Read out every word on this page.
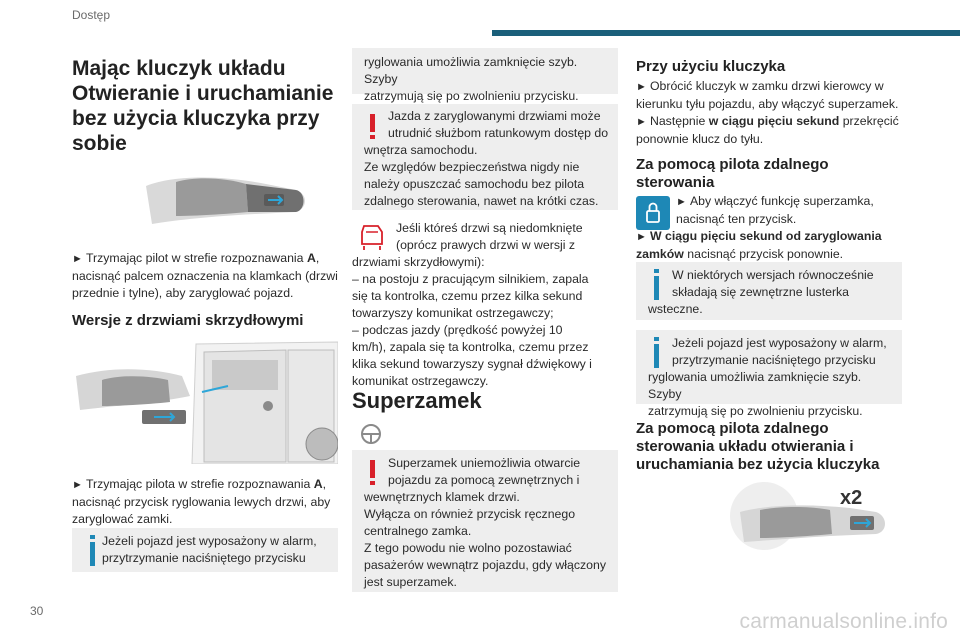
Dostęp
30	carmanualsonline.info
Mając kluczyk układu
Otwieranie i uruchamianie
bez użycia kluczyka przy
sobie
► Trzymając pilot w strefie rozpoznawania A,
nacisnąć palcem oznaczenia na klamkach (drzwi
przednie i tylne), aby zaryglować pojazd.
Wersje z drzwiami skrzydłowymi
► Trzymając pilota w strefie rozpoznawania A,
nacisnąć przycisk ryglowania lewych drzwi, aby
zaryglować zamki.
Jeżeli pojazd jest wyposażony w alarm,
przytrzymanie naciśniętego przycisku
ryglowania umożliwia zamknięcie szyb. Szyby
zatrzymują się po zwolnieniu przycisku.
Jazda z zaryglowanymi drzwiami może
utrudnić służbom ratunkowym dostęp do
wnętrza samochodu.
Ze względów bezpieczeństwa nigdy nie
należy opuszczać samochodu bez pilota
zdalnego sterowania, nawet na krótki czas.
Jeśli któreś drzwi są niedomknięte
(oprócz prawych drzwi w wersji z
drzwiami skrzydłowymi):
– na postoju z pracującym silnikiem, zapala
się ta kontrolka, czemu przez kilka sekund
towarzyszy komunikat ostrzegawczy;
– podczas jazdy (prędkość powyżej 10
km/h), zapala się ta kontrolka, czemu przez
klika sekund towarzyszy sygnał dźwiękowy i
komunikat ostrzegawczy.
Superzamek
Superzamek uniemożliwia otwarcie
pojazdu za pomocą zewnętrznych i
wewnętrznych klamek drzwi.
Wyłącza on również przycisk ręcznego
centralnego zamka.
Z tego powodu nie wolno pozostawiać
pasażerów wewnątrz pojazdu, gdy włączony
jest superzamek.
Przy użyciu kluczyka
► Obrócić kluczyk w zamku drzwi kierowcy w
kierunku tyłu pojazdu, aby włączyć superzamek.
► Następnie w ciągu pięciu sekund przekręcić
ponownie klucz do tyłu.
Za pomocą pilota zdalnego
sterowania
► Aby włączyć funkcję superzamka,
nacisnąć ten przycisk.
► W ciągu pięciu sekund od zaryglowania
zamków nacisnąć przycisk ponownie.
W niektórych wersjach równocześnie
składają się zewnętrzne lusterka
wsteczne.
Jeżeli pojazd jest wyposażony w alarm,
przytrzymanie naciśniętego przycisku
ryglowania umożliwia zamknięcie szyb. Szyby
zatrzymują się po zwolnieniu przycisku.
Za pomocą pilota zdalnego
sterowania układu otwierania i
uruchamiania bez użycia kluczyka
x2
